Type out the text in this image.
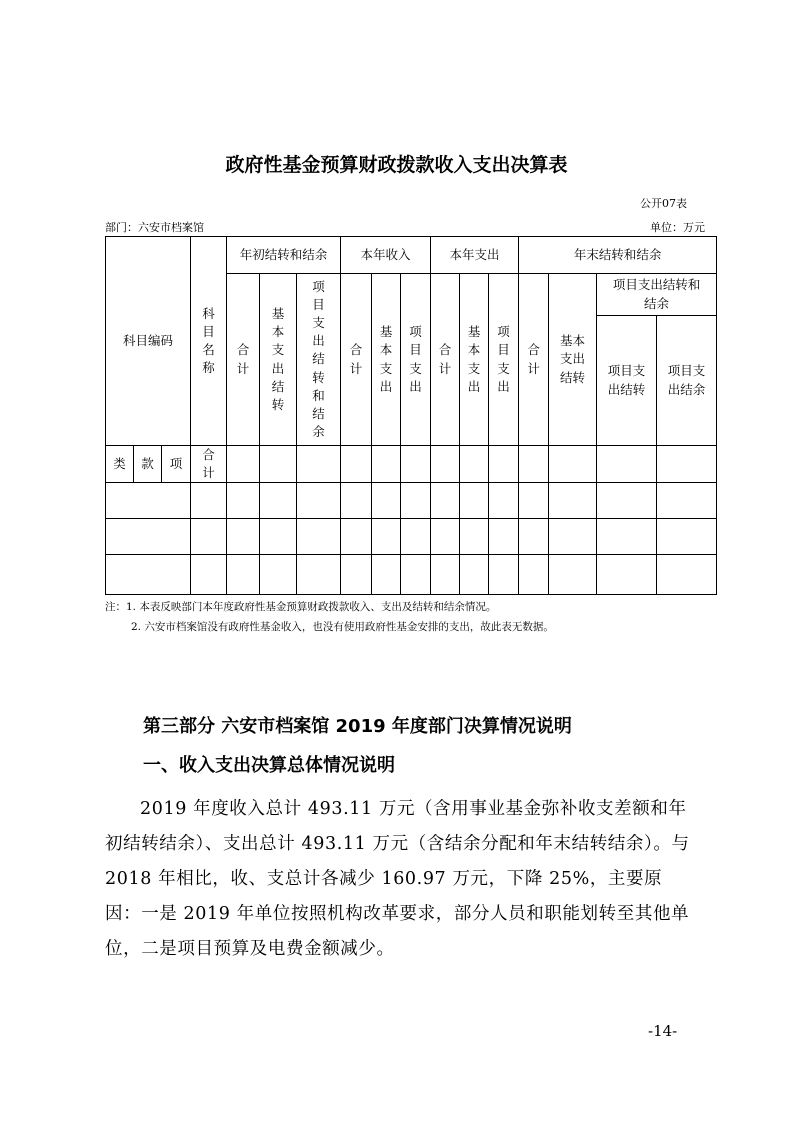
政府性基金预算财政拨款收入支出决算表
公开07表
部门：六安市档案馆	单位：万元
科目编码			科目名称	年初结转和结余			本年收入			本年支出			年末结转和结余			
				合计	基本支出结转	项目支出结转和结余	合计	基本支出	项目支出	合计	基本支出	项目支出	合计	基本支出结转	项目支出结转和结余	
															项目支出结转	项目支出结余
类	款	项	合计													

注：1. 本表反映部门本年度政府性基金预算财政拨款收入、支出及结转和结余情况。
2. 六安市档案馆没有政府性基金收入，也没有使用政府性基金安排的支出，故此表无数据。
第三部分 六安市档案馆 2019 年度部门决算情况说明
一、收入支出决算总体情况说明
2019 年度收入总计 493.11 万元（含用事业基金弥补收支差额和年初结转结余）、支出总计 493.11 万元（含结余分配和年末结转结余）。与 2018 年相比，收、支总计各减少 160.97 万元，下降 25%，主要原因：一是 2019 年单位按照机构改革要求，部分人员和职能划转至其他单位，二是项目预算及电费金额减少。
-14-
